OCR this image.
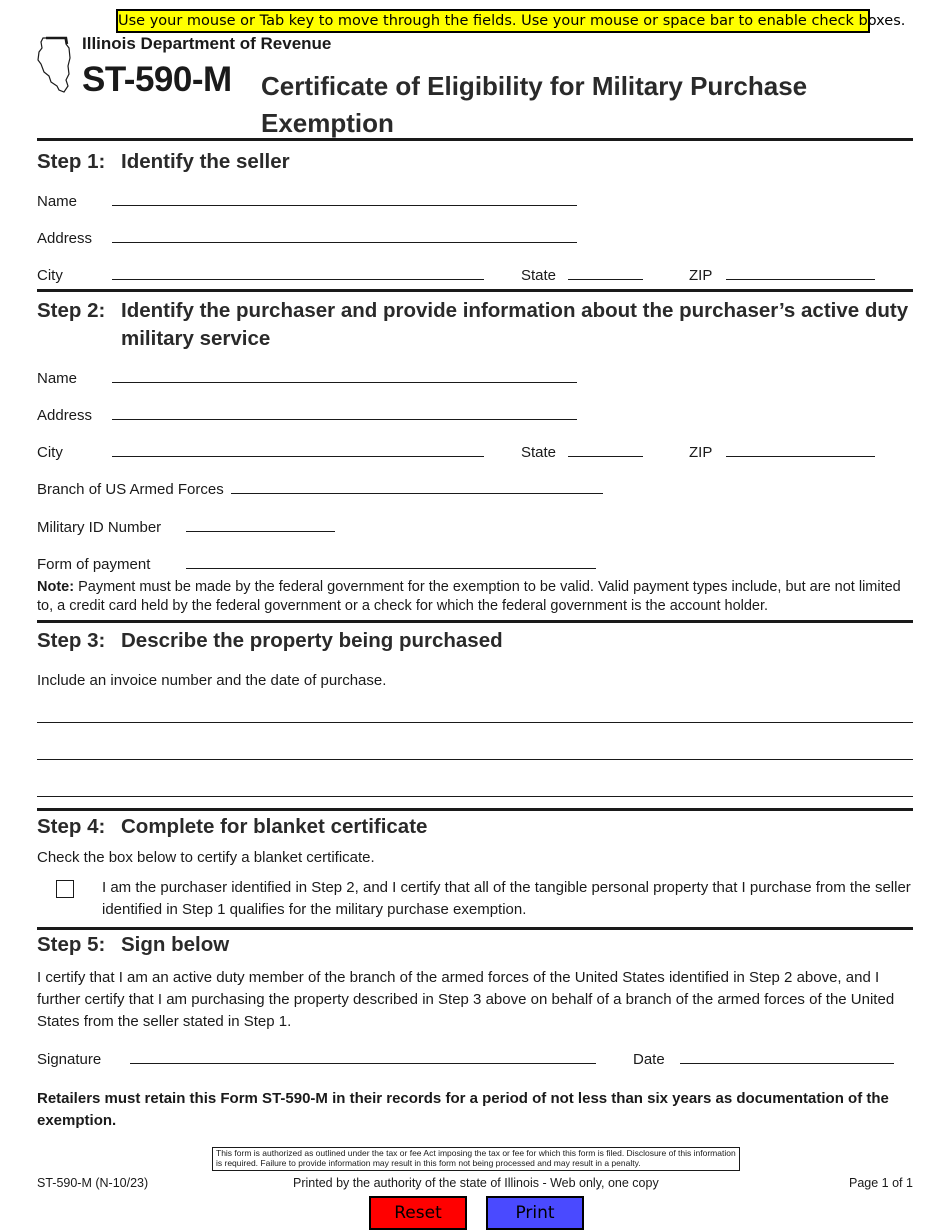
Use your mouse or Tab key to move through the fields. Use your mouse or space bar to enable check boxes.
Illinois Department of Revenue
ST-590-M Certificate of Eligibility for Military Purchase
Exemption
Step 1: Identify the seller
Name
Address
City	State	ZIP
Step 2: Identify the purchaser and provide information about the purchaser’s active duty military service
Name
Address
City	State	ZIP
Branch of US Armed Forces
Military ID Number
Form of payment
Note: Payment must be made by the federal government for the exemption to be valid. Valid payment types include, but are not limited to, a credit card held by the federal government or a check for which the federal government is the account holder.
Step 3: Describe the property being purchased
Include an invoice number and the date of purchase.
Step 4: Complete for blanket certificate
Check the box below to certify a blanket certificate.
I am the purchaser identified in Step 2, and I certify that all of the tangible personal property that I purchase from the seller identified in Step 1 qualifies for the military purchase exemption.
Step 5: Sign below
I certify that I am an active duty member of the branch of the armed forces of the United States identified in Step 2 above, and I further certify that I am purchasing the property described in Step 3 above on behalf of a branch of the armed forces of the United States from the seller stated in Step 1.
Signature	Date
Retailers must retain this Form ST-590-M in their records for a period of not less than six years as documentation of the exemption.
This form is authorized as outlined under the tax or fee Act imposing the tax or fee for which this form is filed. Disclosure of this information is required. Failure to provide information may result in this form not being processed and may result in a penalty.
ST-590-M (N-10/23)	Printed by the authority of the state of Illinois - Web only, one copy	Page 1 of 1
Reset	Print
